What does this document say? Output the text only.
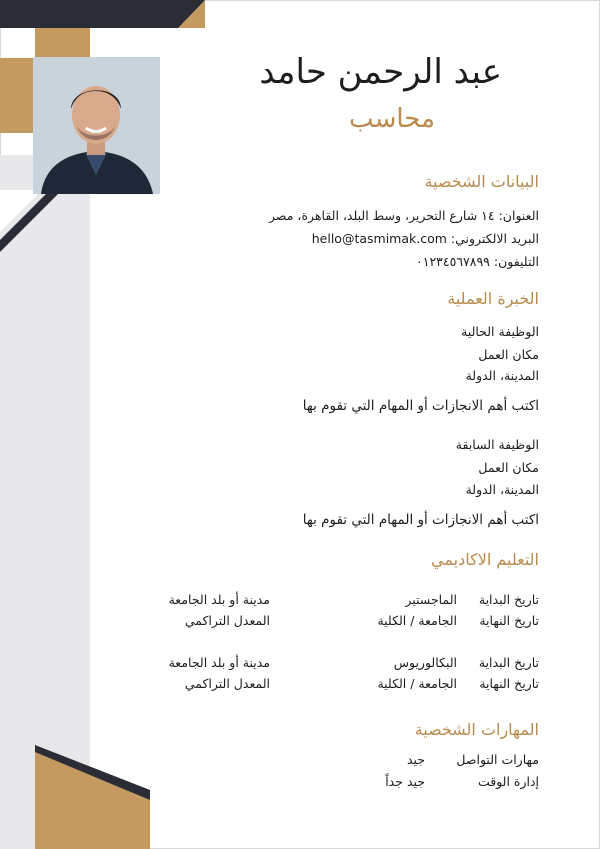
عبد الرحمن حامد
محاسب
البيانات الشخصية
العنوان: ١٤ شارع التحرير، وسط البلد، القاهرة، مصر
البريد الالكتروني: hello@tasmimak.com
التليفون: ٠١٢٣٤٥٦٧٨٩٩
الخبرة العملية
الوظيفة الحالية
مكان العمل
المدينة، الدولة
اكتب أهم الانجازات أو المهام التي تقوم بها
الوظيفة السابقة
مكان العمل
المدينة، الدولة
اكتب أهم الانجازات أو المهام التي تقوم بها
التعليم الاكاديمي
تاريخ البداية
الماجستير
مدينة أو بلد الجامعة
تاريخ النهاية
الجامعة / الكلية
المعدل التراكمي
تاريخ البداية
البكالوريوس
مدينة أو بلد الجامعة
تاريخ النهاية
الجامعة / الكلية
المعدل التراكمي
المهارات الشخصية
مهارات التواصل
جيد
إدارة الوقت
جيد جداً
